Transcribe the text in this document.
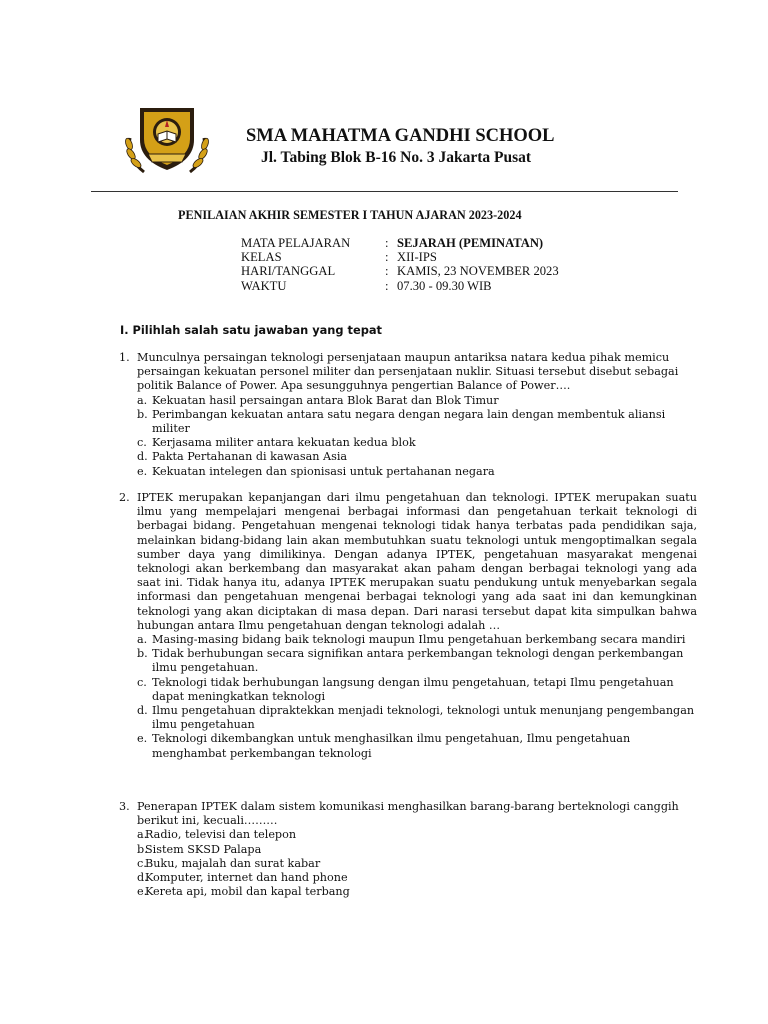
SMA MAHATMA GANDHI SCHOOL
Jl. Tabing Blok B-16 No. 3 Jakarta Pusat
PENILAIAN AKHIR SEMESTER I TAHUN AJARAN 2023-2024
MATA PELAJARAN	: SEJARAH (PEMINATAN)
KELAS	: XII-IPS
HARI/TANGGAL	: KAMIS, 23 NOVEMBER 2023
WAKTU	: 07.30 - 09.30 WIB
I. Pilihlah salah satu jawaban yang tepat
1. Munculnya persaingan teknologi persenjataan maupun antariksa natara kedua pihak memicu persaingan kekuatan personel militer dan persenjataan nuklir. Situasi tersebut disebut sebagai politik Balance of Power. Apa sesungguhnya pengertian Balance of Power….
a. Kekuatan hasil persaingan antara Blok Barat dan Blok Timur
b. Perimbangan kekuatan antara satu negara dengan negara lain dengan membentuk aliansi militer
c. Kerjasama militer antara kekuatan kedua blok
d. Pakta Pertahanan di kawasan Asia
e. Kekuatan intelegen dan spionisasi untuk pertahanan negara
2. IPTEK merupakan kepanjangan dari ilmu pengetahuan dan teknologi. IPTEK merupakan suatu ilmu yang mempelajari mengenai berbagai informasi dan pengetahuan terkait teknologi di berbagai bidang. Pengetahuan mengenai teknologi tidak hanya terbatas pada pendidikan saja, melainkan bidang-bidang lain akan membutuhkan suatu teknologi untuk mengoptimalkan segala sumber daya yang dimilikinya. Dengan adanya IPTEK, pengetahuan masyarakat mengenai teknologi akan berkembang dan masyarakat akan paham dengan berbagai teknologi yang ada saat ini. Tidak hanya itu, adanya IPTEK merupakan suatu pendukung untuk menyebarkan segala informasi dan pengetahuan mengenai berbagai teknologi yang ada saat ini dan kemungkinan teknologi yang akan diciptakan di masa depan. Dari narasi tersebut dapat kita simpulkan bahwa hubungan antara Ilmu pengetahuan dengan teknologi adalah …
a. Masing-masing bidang baik teknologi maupun Ilmu pengetahuan berkembang secara mandiri
b. Tidak berhubungan secara signifikan antara perkembangan teknologi dengan perkembangan ilmu pengetahuan.
c. Teknologi tidak berhubungan langsung dengan ilmu pengetahuan, tetapi Ilmu pengetahuan dapat meningkatkan teknologi
d. Ilmu pengetahuan dipraktekkan menjadi teknologi, teknologi untuk menunjang pengembangan ilmu pengetahuan
e. Teknologi dikembangkan untuk menghasilkan ilmu pengetahuan, Ilmu pengetahuan menghambat perkembangan teknologi
3. Penerapan IPTEK dalam sistem komunikasi menghasilkan barang-barang berteknologi canggih berikut ini, kecuali………
a.
Radio, televisi dan telepon
b.
Sistem SKSD Palapa
c.
Buku, majalah dan surat kabar
d.
Komputer, internet dan hand phone
e.
Kereta api, mobil dan kapal terbang
